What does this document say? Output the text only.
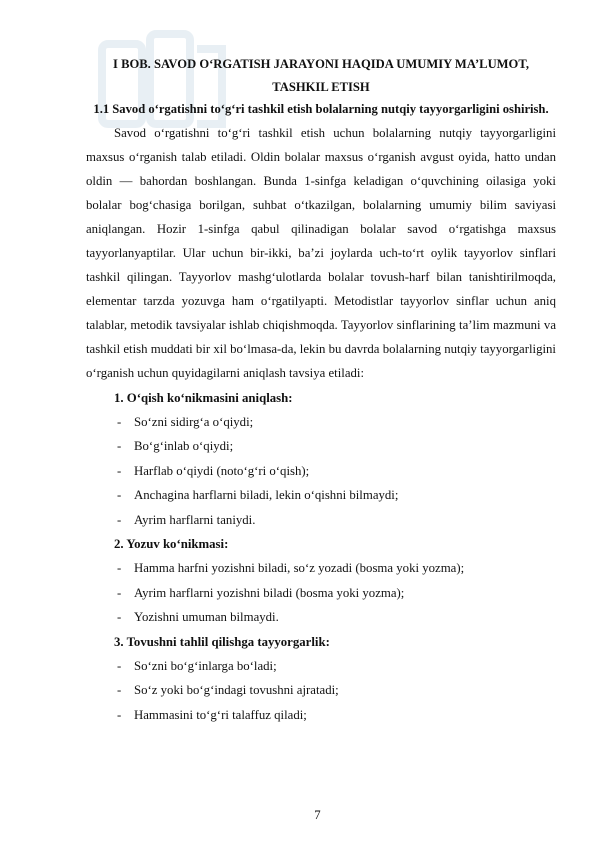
I BOB. SAVOD O‘RGATISH JARAYONI HAQIDA UMUMIY MA’LUMOT, TASHKIL ETISH

1.1 Savod o‘rgatishni to‘g‘ri tashkil etish bolalarning nutqiy tayyorgarligini oshirish.

Savod o‘rgatishni to‘g‘ri tashkil etish uchun bolalarning nutqiy tayyorgarligini maxsus o‘rganish talab etiladi. Oldin bolalar maxsus o‘rganish avgust oyida, hatto undan oldin — bahordan boshlangan. Bunda 1-sinfga keladigan o‘quvchining oilasiga yoki bolalar bog‘chasiga borilgan, suhbat o‘tkazilgan, bolalarning umumiy bilim saviyasi aniqlangan. Hozir 1-sinfga qabul qilinadigan bolalar savod o‘rgatishga maxsus tayyorlanyaptilar. Ular uchun bir-ikki, ba’zi joylarda uch-to‘rt oylik tayyorlov sinflari tashkil qilingan. Tayyorlov mashg‘ulotlarda bolalar tovush-harf bilan tanishtirilmoqda, elementar tarzda yozuvga ham o‘rgatilyapti. Metodistlar tayyorlov sinflar uchun aniq talablar, metodik tavsiyalar ishlab chiqishmoqda. Tayyorlov sinflarining ta’lim mazmuni va tashkil etish muddati bir xil bo‘lmasa-da, lekin bu davrda bolalarning nutqiy tayyorgarligini o‘rganish uchun quyidagilarni aniqlash tavsiya etiladi:

1. O‘qish ko‘nikmasini aniqlash:

- So‘zni sidirg‘a o‘qiydi;

- Bo‘g‘inlab o‘qiydi;

- Harflab o‘qiydi (noto‘g‘ri o‘qish);

- Anchagina harflarni biladi, lekin o‘qishni bilmaydi;

- Ayrim harflarni taniydi.

2. Yozuv ko‘nikmasi:

- Hamma harfni yozishni biladi, so‘z yozadi (bosma yoki yozma);

- Ayrim harflarni yozishni biladi (bosma yoki yozma);

- Yozishni umuman bilmaydi.

3. Tovushni tahlil qilishga tayyorgarlik:

- So‘zni bo‘g‘inlarga bo‘ladi;

- So‘z yoki bo‘g‘indagi tovushni ajratadi;

- Hammasini to‘g‘ri talaffuz qiladi;

7
